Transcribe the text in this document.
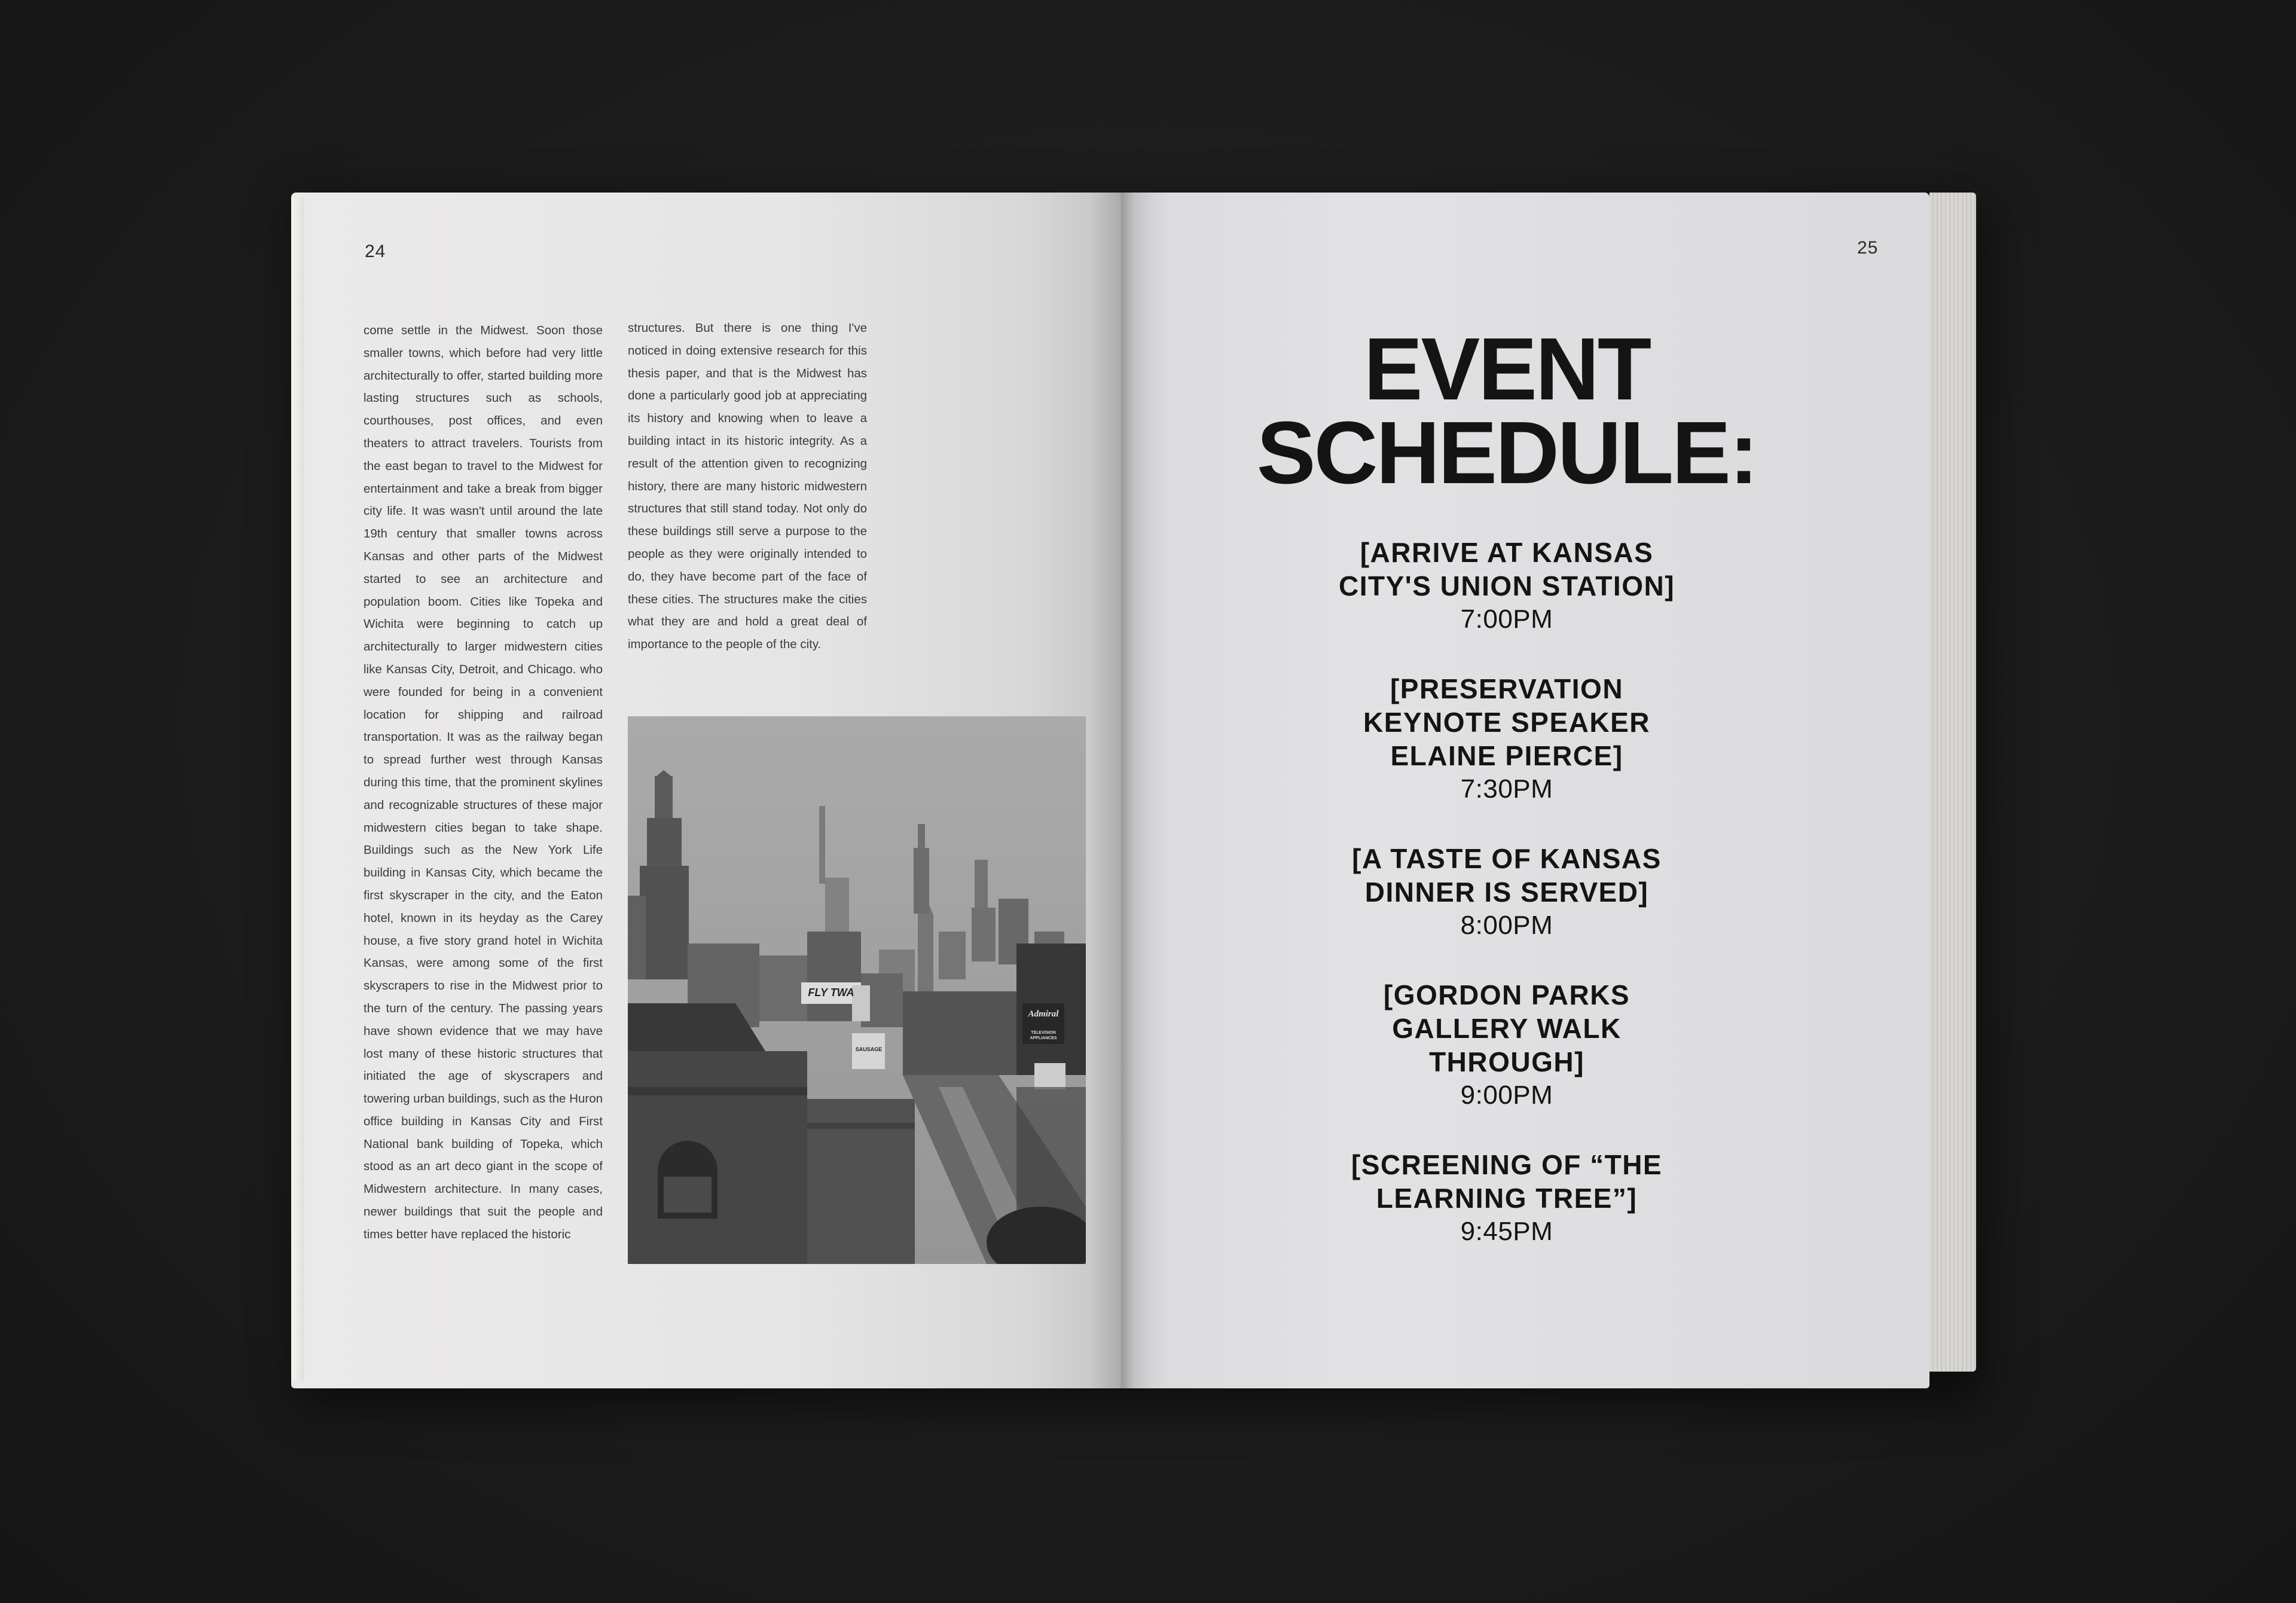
24	25

come settle in the Midwest. Soon those smaller towns, which before had very little architecturally to offer, started building more lasting structures such as schools, courthouses, post offices, and even theaters to attract travelers. Tourists from the east began to travel to the Midwest for entertainment and take a break from bigger city life. It was wasn't until around the late 19th century that smaller towns across Kansas and other parts of the Midwest started to see an architecture and population boom. Cities like Topeka and Wichita were beginning to catch up architecturally to larger midwestern cities like Kansas City, Detroit, and Chicago. who were founded for being in a convenient location for shipping and railroad transportation. It was as the railway began to spread further west through Kansas during this time, that the prominent skylines and recognizable structures of these major midwestern cities began to take shape. Buildings such as the New York Life building in Kansas City, which became the first skyscraper in the city, and the Eaton hotel, known in its heyday as the Carey house, a five story grand hotel in Wichita Kansas, were among some of the first skyscrapers to rise in the Midwest prior to the turn of the century. The passing years have shown evidence that we may have lost many of these historic structures that initiated the age of skyscrapers and towering urban buildings, such as the Huron office building in Kansas City and First National bank building of Topeka, which stood as an art deco giant in the scope of Midwestern architecture. In many cases, newer buildings that suit the people and times better have replaced the historic

structures. But there is one thing I've noticed in doing extensive research for this thesis paper, and that is the Midwest has done a particularly good job at appreciating its history and knowing when to leave a building intact in its historic integrity. As a result of the attention given to recognizing history, there are many historic midwestern structures that still stand today. Not only do these buildings still serve a purpose to the people as they were originally intended to do, they have become part of the face of these cities. The structures make the cities what they are and hold a great deal of importance to the people of the city.

FLY TWA
SAUSAGE
Admiral
TELEVISION APPLIANCES
EVENT
SCHEDULE:
[ARRIVE AT KANSAS
CITY'S UNION STATION]
7:00PM
[PRESERVATION
KEYNOTE SPEAKER
ELAINE PIERCE]
7:30PM
[A TASTE OF KANSAS
DINNER IS SERVED]
8:00PM
[GORDON PARKS
GALLERY WALK
THROUGH]
9:00PM
[SCREENING OF “THE
LEARNING TREE”]
9:45PM
